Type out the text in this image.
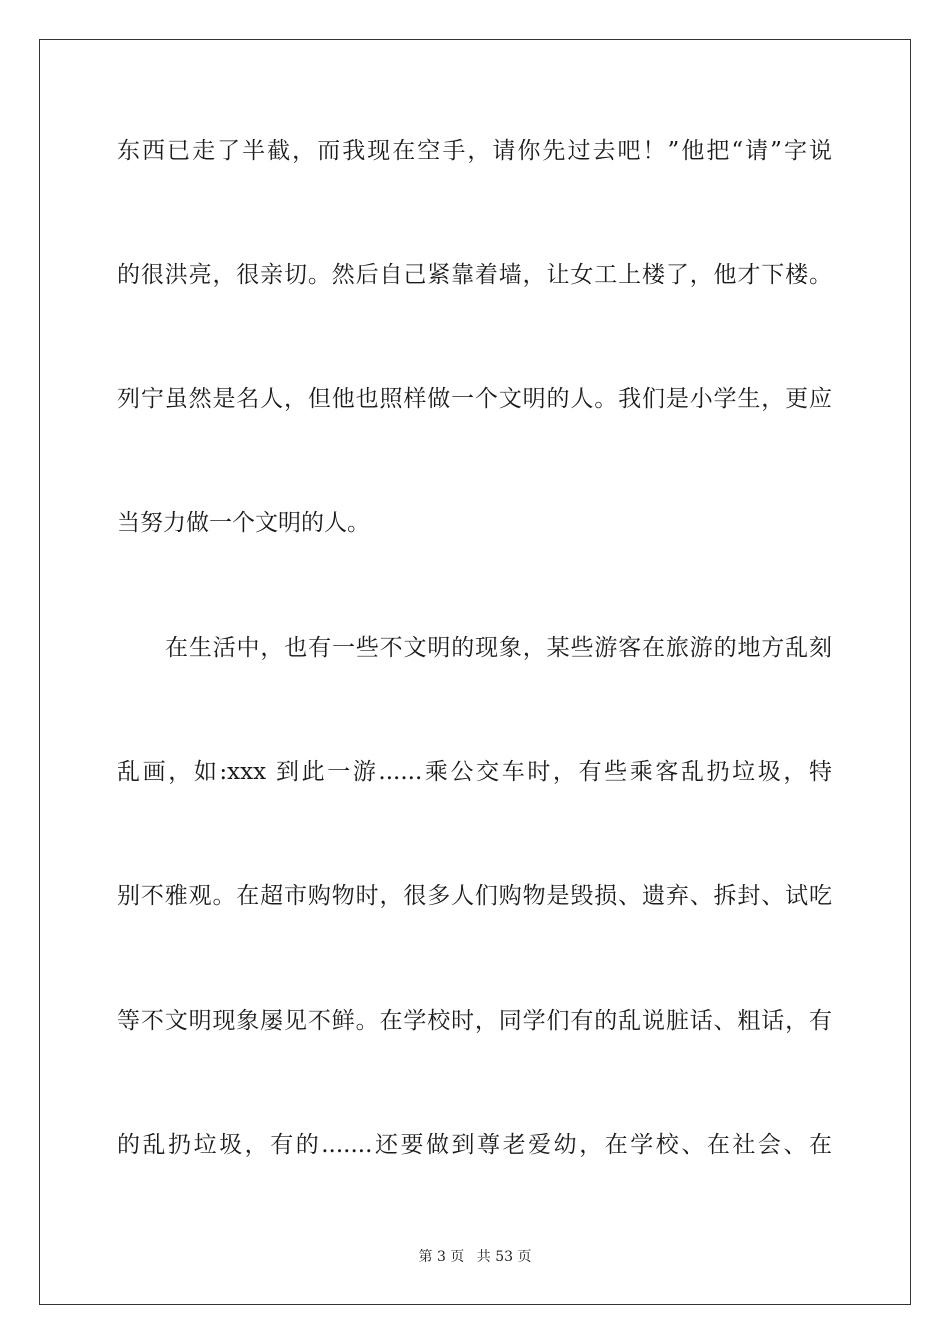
东西已走了半截，而我现在空手，请你先过去吧！”他把“请”字说
的很洪亮，很亲切。然后自己紧靠着墙，让女工上楼了，他才下楼。
列宁虽然是名人，但他也照样做一个文明的人。我们是小学生，更应
当努力做一个文明的人。
在生活中，也有一些不文明的现象，某些游客在旅游的地方乱刻
乱画，如:xxx 到此一游......乘公交车时，有些乘客乱扔垃圾，特
别不雅观。在超市购物时，很多人们购物是毁损、遗弃、拆封、试吃
等不文明现象屡见不鲜。在学校时，同学们有的乱说脏话、粗话，有
的乱扔垃圾，有的.......还要做到尊老爱幼，在学校、在社会、在
第 3 页 共 53 页
